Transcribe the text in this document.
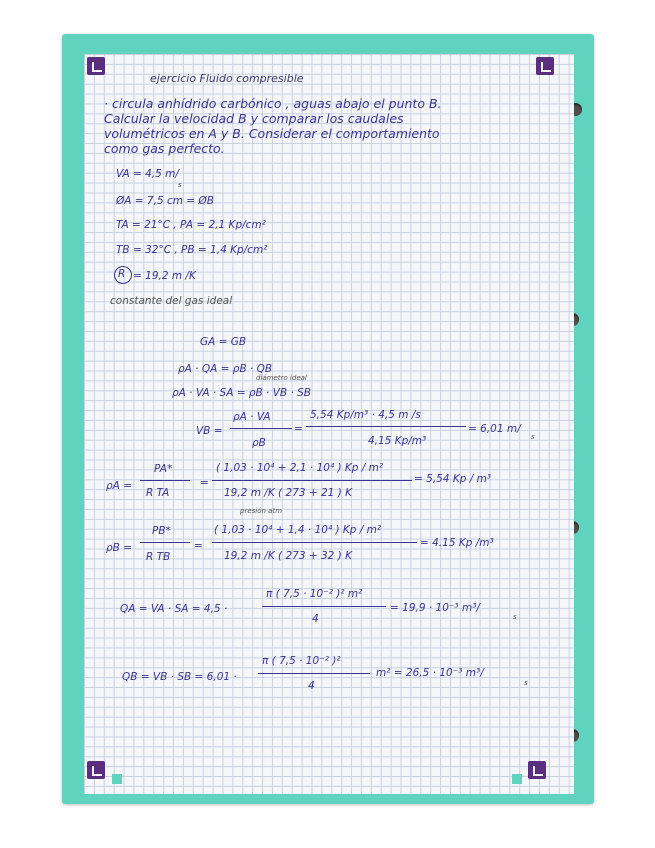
ejercicio Fluido compresible
· circula anhídrido carbónico , aguas abajo el punto B.
Calcular la velocidad B y comparar los caudales
volumétricos en A y B. Considerar el comportamiento
como gas perfecto.
VA = 4,5 m/
s
ØA = 7,5 cm = ØB
TA = 21°C , PA = 2,1 Kp/cm²
TB = 32°C , PB = 1,4 Kp/cm²
R = 19,2 m /K
constante del gas ideal
GA = GB
ρA · QA = ρB · QB
diámetro ideal
ρA · VA · SA = ρB · VB · SB
VB =
ρA · VA
ρB
=
5,54 Kp/m³ · 4,5 m /s
4,15 Kp/m³
= 6,01 m/
s
ρA =
PA*
R TA
=
( 1,03 · 10⁴ + 2,1 · 10⁴ ) Kp / m²
19,2 m /K ( 273 + 21 ) K
= 5,54 Kp / m³
presión atm
ρB =
PB*
R TB
=
( 1,03 · 10⁴ + 1,4 · 10⁴ ) Kp / m²
19,2 m /K ( 273 + 32 ) K
= 4.15 Kp /m³
QA = VA · SA = 4,5 ·
π ( 7,5 · 10⁻² )² m²
4
= 19,9 · 10⁻³ m³/
s
QB = VB · SB = 6,01 ·
π ( 7,5 · 10⁻² )²
4
m² = 26,5 · 10⁻³ m³/
s
